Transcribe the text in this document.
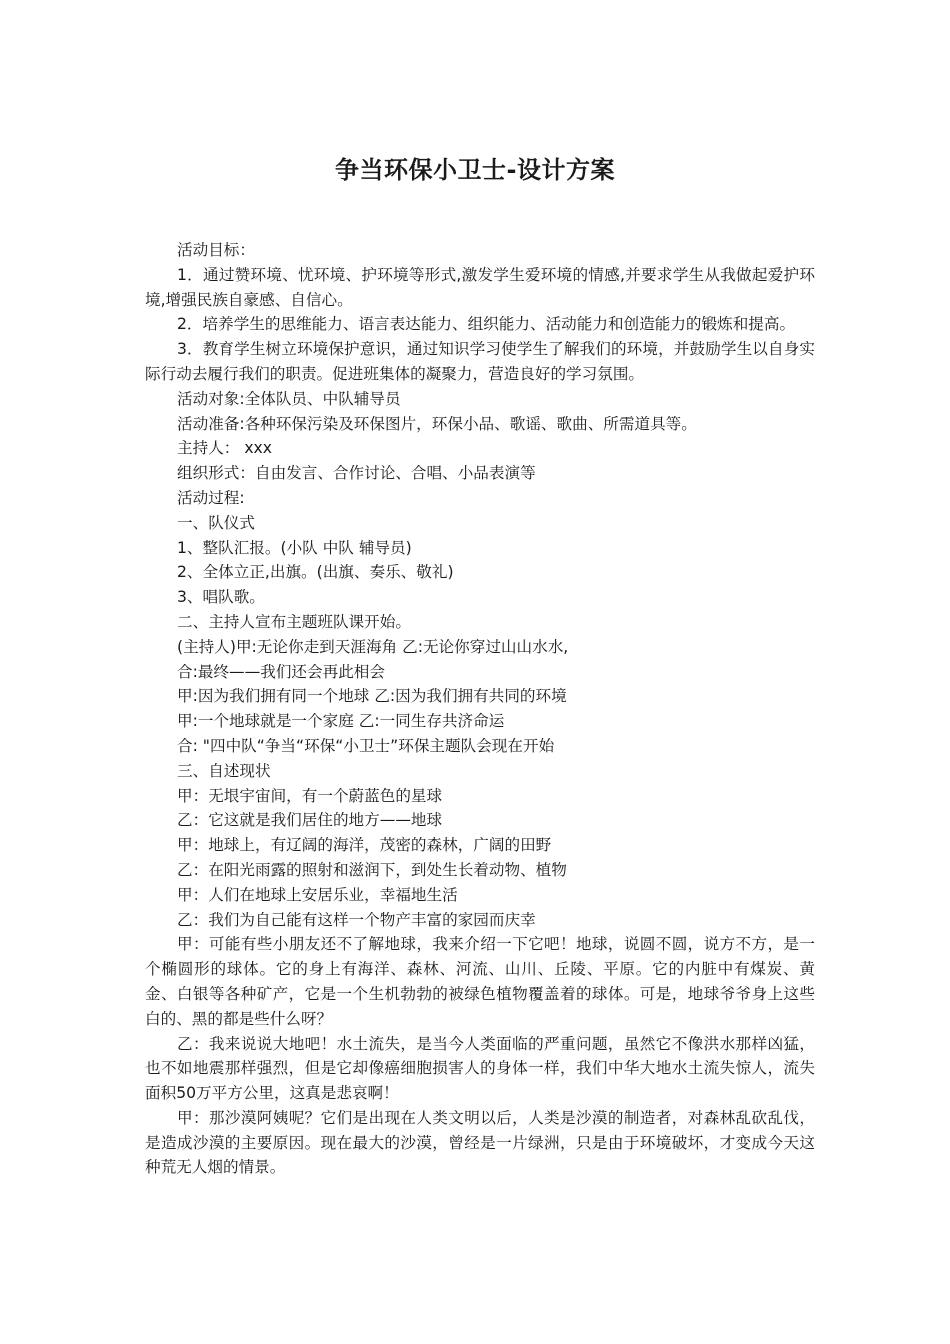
争当环保小卫士-设计方案

活动目标：

1．通过赞环境、忧环境、护环境等形式,激发学生爱环境的情感,并要求学生从我做起爱护环境,增强民族自豪感、自信心。

2．培养学生的思维能力、语言表达能力、组织能力、活动能力和创造能力的锻炼和提高。

3．教育学生树立环境保护意识，通过知识学习使学生了解我们的环境，并鼓励学生以自身实际行动去履行我们的职责。促进班集体的凝聚力，营造良好的学习氛围。

活动对象:全体队员、中队辅导员

活动准备:各种环保污染及环保图片，环保小品、歌谣、歌曲、所需道具等。

主持人： xxx

组织形式：自由发言、合作讨论、合唱、小品表演等

活动过程:

一、队仪式

1、整队汇报。(小队 中队 辅导员)

2、全体立正,出旗。(出旗、奏乐、敬礼)

3、唱队歌。

二、主持人宣布主题班队课开始。

(主持人)甲:无论你走到天涯海角 乙:无论你穿过山山水水,

合:最终——我们还会再此相会

甲:因为我们拥有同一个地球 乙:因为我们拥有共同的环境

甲:一个地球就是一个家庭 乙:一同生存共济命运

合: "四中队“争当“环保“小卫士”环保主题队会现在开始

三、自述现状

甲：无垠宇宙间，有一个蔚蓝色的星球

乙：它这就是我们居住的地方——地球

甲：地球上，有辽阔的海洋，茂密的森林，广阔的田野

乙：在阳光雨露的照射和滋润下，到处生长着动物、植物

甲：人们在地球上安居乐业，幸福地生活

乙：我们为自己能有这样一个物产丰富的家园而庆幸

甲：可能有些小朋友还不了解地球，我来介绍一下它吧！地球，说圆不圆，说方不方，是一个椭圆形的球体。它的身上有海洋、森林、河流、山川、丘陵、平原。它的内脏中有煤炭、黄金、白银等各种矿产，它是一个生机勃勃的被绿色植物覆盖着的球体。可是，地球爷爷身上这些白的、黑的都是些什么呀？

乙：我来说说大地吧！水土流失，是当今人类面临的严重问题，虽然它不像洪水那样凶猛，也不如地震那样强烈，但是它却像癌细胞损害人的身体一样，我们中华大地水土流失惊人，流失面积50万平方公里，这真是悲哀啊！

甲：那沙漠阿姨呢？它们是出现在人类文明以后，人类是沙漠的制造者，对森林乱砍乱伐，是造成沙漠的主要原因。现在最大的沙漠，曾经是一片绿洲，只是由于环境破坏，才变成今天这种荒无人烟的情景。
